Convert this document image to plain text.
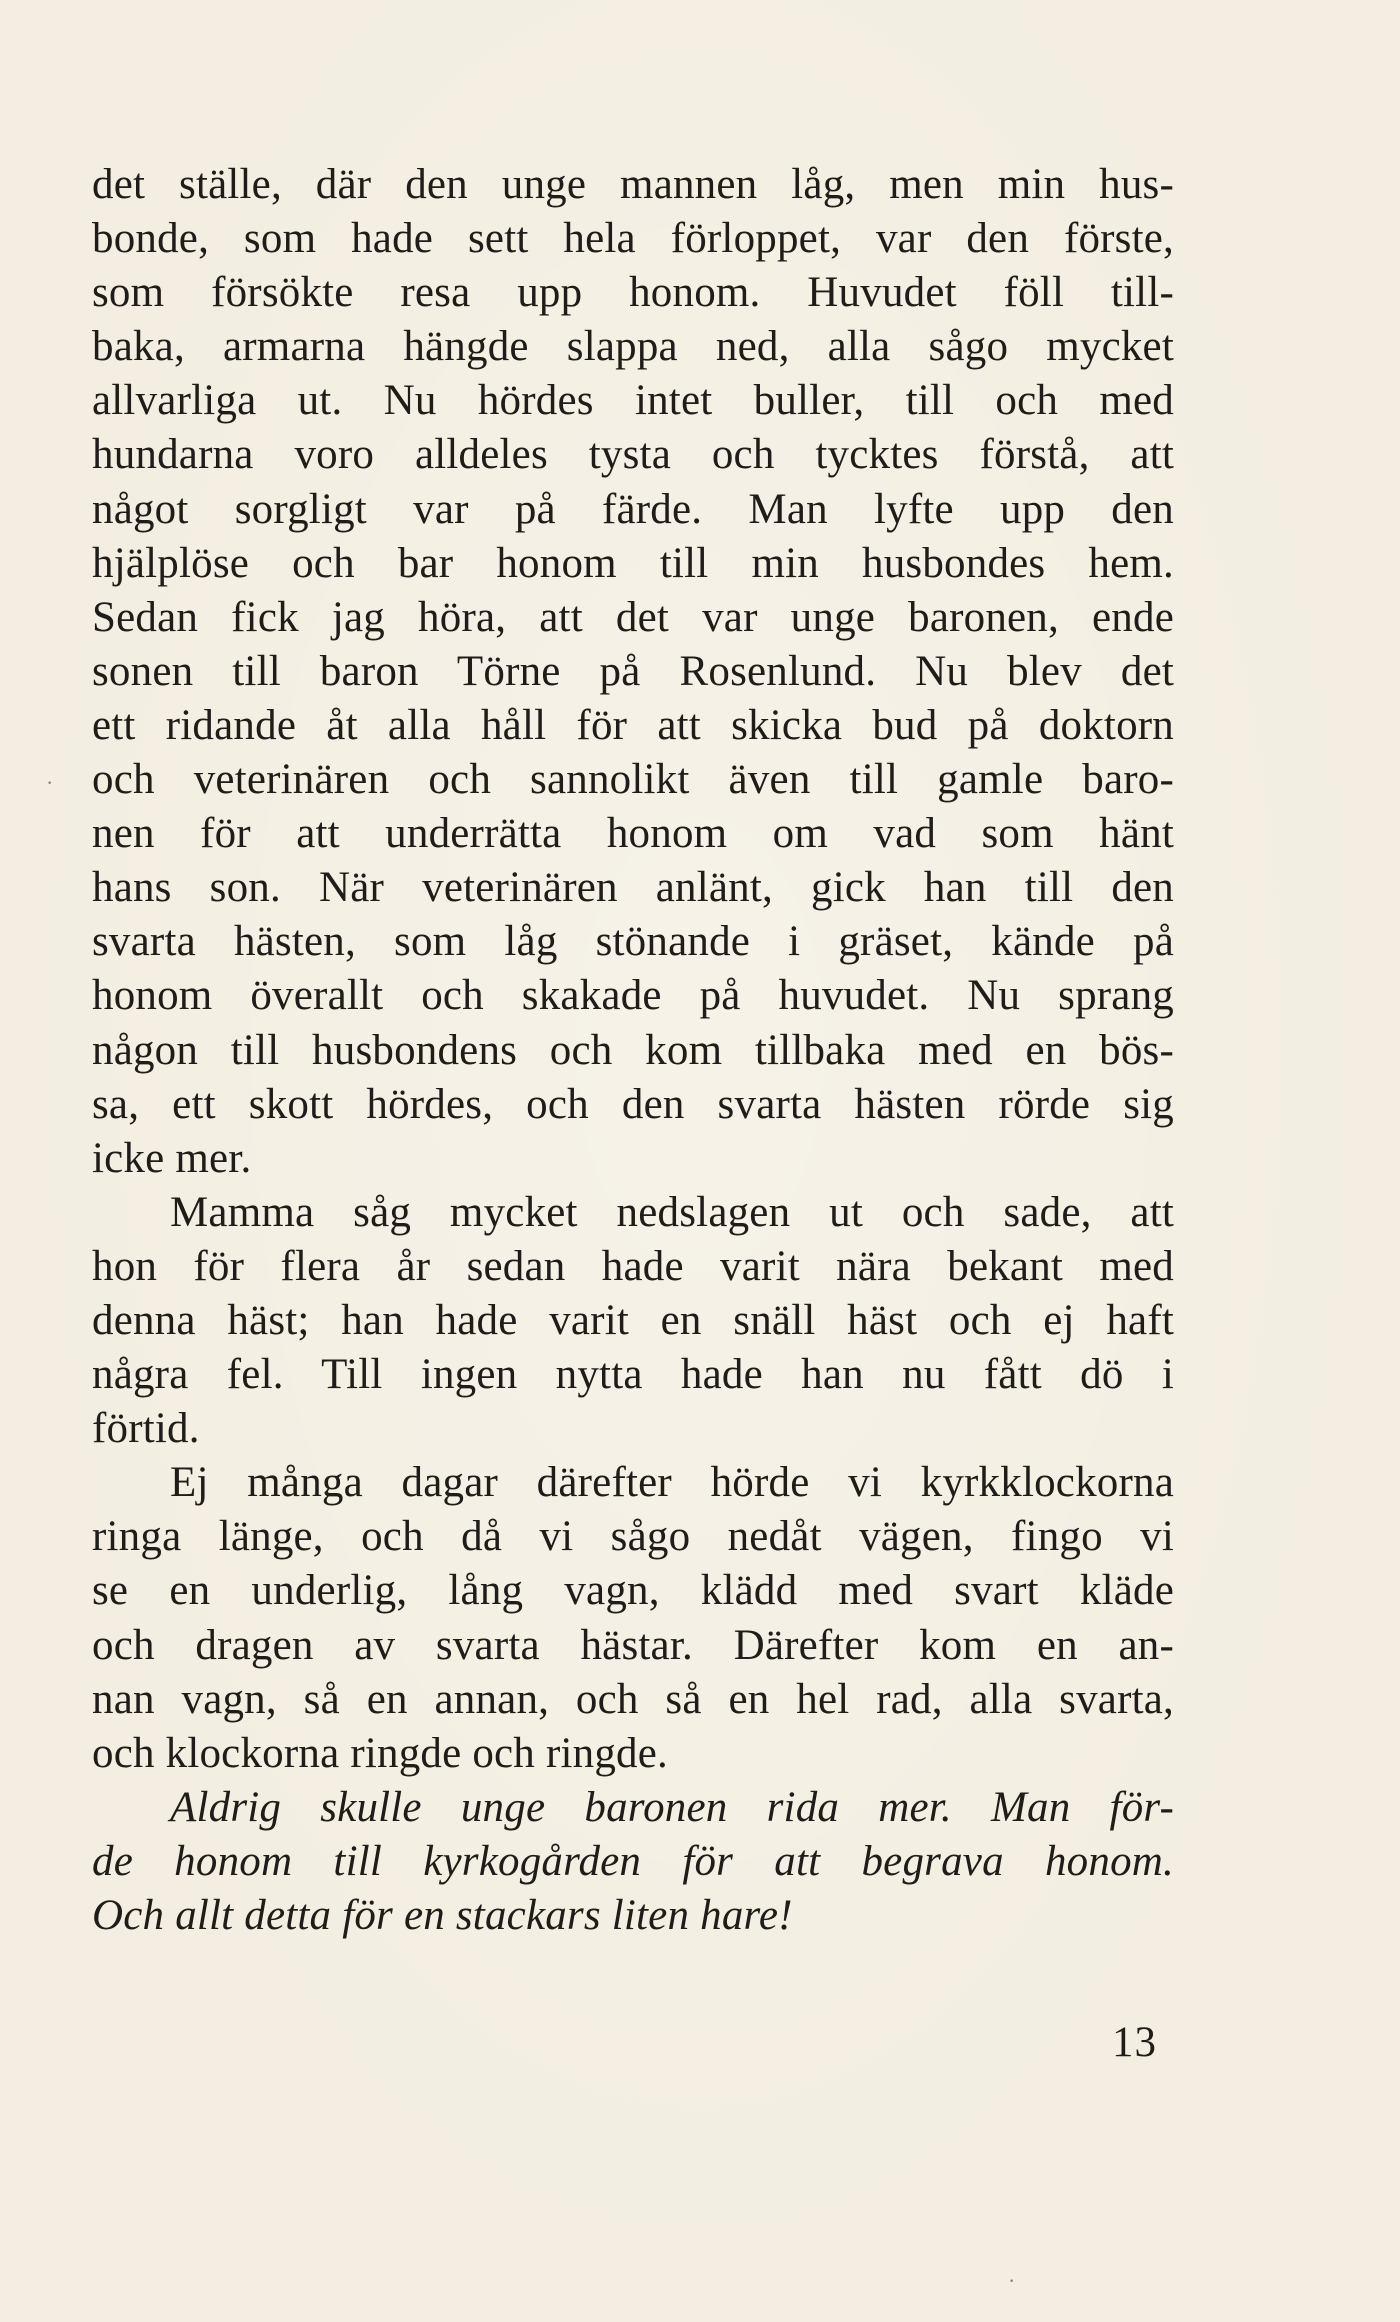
det ställe, där den unge mannen låg, men min hus-
bonde, som hade sett hela förloppet, var den förste,
som försökte resa upp honom. Huvudet föll till-
baka, armarna hängde slappa ned, alla sågo mycket
allvarliga ut. Nu hördes intet buller, till och med
hundarna voro alldeles tysta och tycktes förstå, att
något sorgligt var på färde. Man lyfte upp den
hjälplöse och bar honom till min husbondes hem.
Sedan fick jag höra, att det var unge baronen, ende
sonen till baron Törne på Rosenlund. Nu blev det
ett ridande åt alla håll för att skicka bud på doktorn
och veterinären och sannolikt även till gamle baro-
nen för att underrätta honom om vad som hänt
hans son. När veterinären anlänt, gick han till den
svarta hästen, som låg stönande i gräset, kände på
honom överallt och skakade på huvudet. Nu sprang
någon till husbondens och kom tillbaka med en bös-
sa, ett skott hördes, och den svarta hästen rörde sig
icke mer.
Mamma såg mycket nedslagen ut och sade, att
hon för flera år sedan hade varit nära bekant med
denna häst; han hade varit en snäll häst och ej haft
några fel. Till ingen nytta hade han nu fått dö i
förtid.
Ej många dagar därefter hörde vi kyrkklockorna
ringa länge, och då vi sågo nedåt vägen, fingo vi
se en underlig, lång vagn, klädd med svart kläde
och dragen av svarta hästar. Därefter kom en an-
nan vagn, så en annan, och så en hel rad, alla svarta,
och klockorna ringde och ringde.
Aldrig skulle unge baronen rida mer. Man för-
de honom till kyrkogården för att begrava honom.
Och allt detta för en stackars liten hare!
13
·
·
